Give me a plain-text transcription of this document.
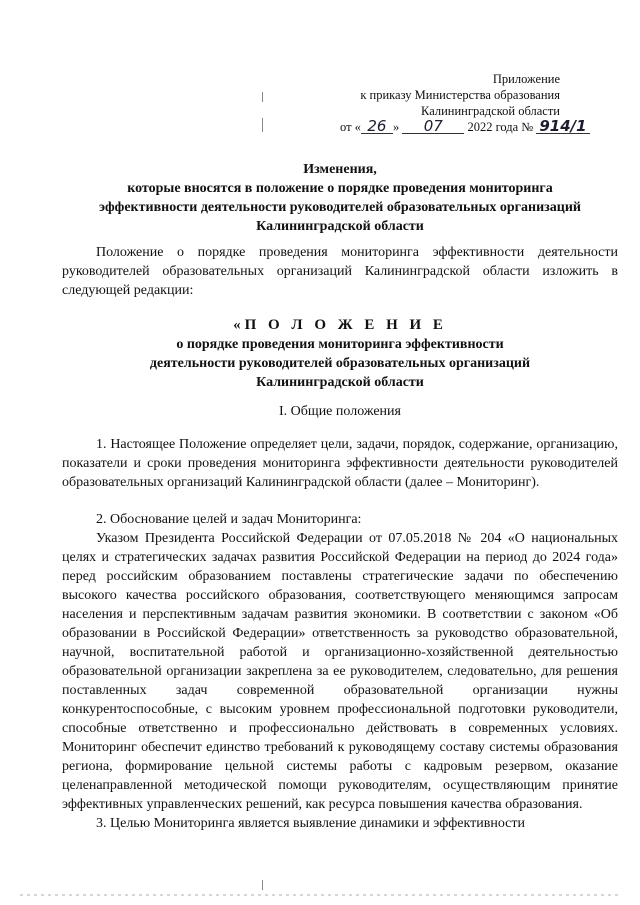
Приложение
к приказу Министерства образования
Калининградской области
от « 26 » 07 2022 года № 914/1
Изменения,
которые вносятся в положение о порядке проведения мониторинга
эффективности деятельности руководителей образовательных организаций
Калининградской области
Положение о порядке проведения мониторинга эффективности деятельности руководителей образовательных организаций Калининградской области изложить в следующей редакции:
«П О Л О Ж Е Н И Е
о порядке проведения мониторинга эффективности
деятельности руководителей образовательных организаций
Калининградской области
I. Общие положения
1. Настоящее Положение определяет цели, задачи, порядок, содержание, организацию, показатели и сроки проведения мониторинга эффективности деятельности руководителей образовательных организаций Калининградской области (далее – Мониторинг).
2. Обоснование целей и задач Мониторинга:
Указом Президента Российской Федерации от 07.05.2018 № 204 «О национальных целях и стратегических задачах развития Российской Федерации на период до 2024 года» перед российским образованием поставлены стратегические задачи по обеспечению высокого качества российского образования, соответствующего меняющимся запросам населения и перспективным задачам развития экономики. В соответствии с законом «Об образовании в Российской Федерации» ответственность за руководство образовательной, научной, воспитательной работой и организационно-хозяйственной деятельностью образовательной организации закреплена за ее руководителем, следовательно, для решения поставленных задач современной образовательной организации нужны конкурентоспособные, с высоким уровнем профессиональной подготовки руководители, способные ответственно и профессионально действовать в современных условиях. Мониторинг обеспечит единство требований к руководящему составу системы образования региона, формирование цельной системы работы с кадровым резервом, оказание целенаправленной методической помощи руководителям, осуществляющим принятие эффективных управленческих решений, как ресурса повышения качества образования.
3. Целью Мониторинга является выявление динамики и эффективности
